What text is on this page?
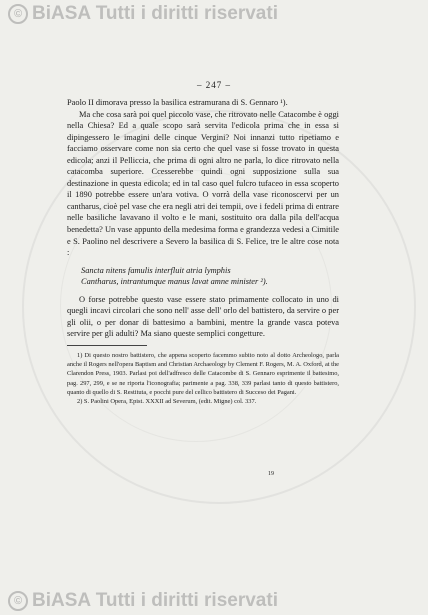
© BiASA Tutti i diritti riservati
– 247 –

Paolo II dimorava presso la basilica estramurana di S. Gennaro ¹).

Ma che cosa sarà poi quel piccolo vase, che ritrovato nelle Catacombe è oggi nella Chiesa? Ed a quale scopo sarà servita l'edicola prima che in essa si dipingessero le imagini delle cinque Vergini? Noi innanzi tutto ripetiamo e facciamo osservare come non sia certo che quel vase si fosse trovato in questa edicola; anzi il Pelliccia, che prima di ogni altro ne parla, lo dice ritrovato nella catacomba superiore. Ccesserebbe quindi ogni supposizione sulla sua destinazione in questa edicola; ed in tal caso quel fulcro tufaceo in essa scoperto il 1890 potrebbe essere un'ara votiva. O vorrà della vase riconoscervi per un cantharus, cioè pel vase che era negli atri dei tempii, ove i fedeli prima di entrare nelle basiliche lavavano il volto e le mani, sostituito ora dalla pila dell'acqua benedetta? Un vase appunto della medesima forma e grandezza vedesi a Cimitile e S. Paolino nel descrivere a Severo la basilica di S. Felice, tre le altre cose nota :

Sancta nitens famulis interfluit atria lymphis
Cantharus, intrantumque manus lavat amne minister ²).

O forse potrebbe questo vase essere stato primamente collocato in uno di quegli incavi circolari che sono nell' asse dell' orlo del battistero, da servire o per gli olii, o per donar di battesimo a bambini, mentre la grande vasca poteva servire per gli adulti? Ma siano queste semplici congetture.

1) Di questo nostro battistero, che appena scoperto facemmo subito noto al dotto Archeologo, parla anche il Rogers nell'opera Baptism and Christian Archaeology by Clement F. Rogers, M. A. Oxford, at the Clarendon Press, 1903. Parlasi poi dell'adfresco delle Catacombe di S. Gennaro esprimente il battesimo, pag. 297, 299, e se ne riporta l'iconografia; parimente a pag. 338, 339 parlasi tanto di questo battistero, quanto di quello di S. Restituta, e pocchi pure del cellico battistero di Succeso dei Pagani.

2) S. Paolini Opera, Epist. XXXII ad Severum, (edit. Migne) col. 337.

19
© BiASA Tutti i diritti riservati
